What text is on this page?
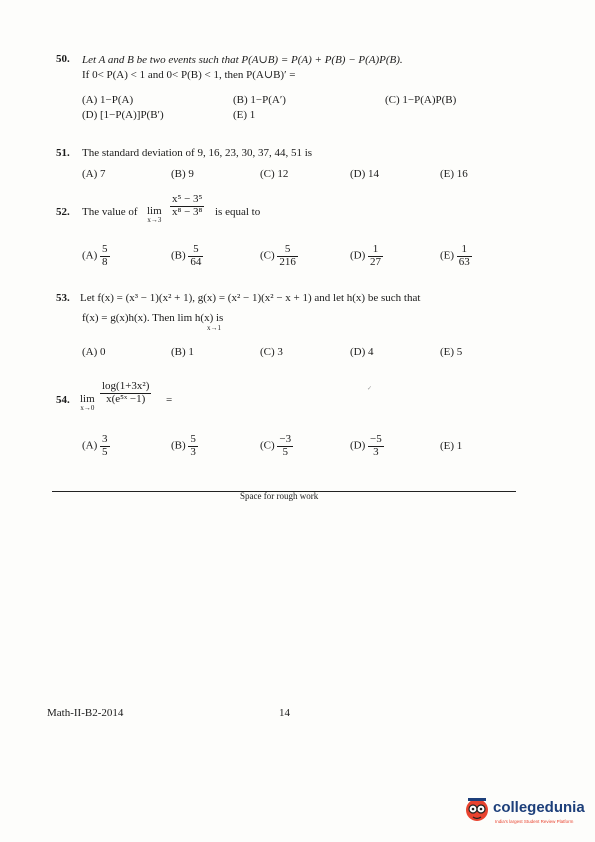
50. Let A and B be two events such that P(A∪B) = P(A) + P(B) − P(A)P(B).
If 0< P(A) < 1 and 0< P(B) < 1, then P(A∪B)′ =
(A) 1−P(A)	(B) 1−P(A′)	(C) 1−P(A)P(B)
(D) [1−P(A)]P(B′)	(E) 1
51. The standard deviation of 9, 16, 23, 30, 37, 44, 51 is
(A) 7	(B) 9	(C) 12	(D) 14	(E) 16
52. The value of lim
x→3
$\frac{\text{x⁵ − 3⁵}}{\text{x⁸ − 3⁸}}$ is equal to
$(A) \frac{5}{8}$	$(B) \frac{5}{64}$	$(C) \frac{5}{216}$	$(D) \frac{1}{27}$	$(E) \frac{1}{63}$
53. Let f(x) = (x³ − 1)(x² + 1), g(x) = (x² − 1)(x² − x + 1) and let h(x) be such that
f(x) = g(x)h(x). Then lim h(x) is
x→1
(A) 0	(B) 1	(C) 3	(D) 4	(E) 5
54. lim
x→0
$\frac{\text{log(1+3x²)}}{\text{x(e⁵ˣ −1)}}$ =
✓
$(A) \frac{3}{5}$	$(B) \frac{5}{3}$	$(C) \frac{-3}{5}$	$(D) \frac{-5}{3}$	(E) 1
Space for rough work
Math-II-B2-2014	14
collegedunia
India's largest Student Review Platform
